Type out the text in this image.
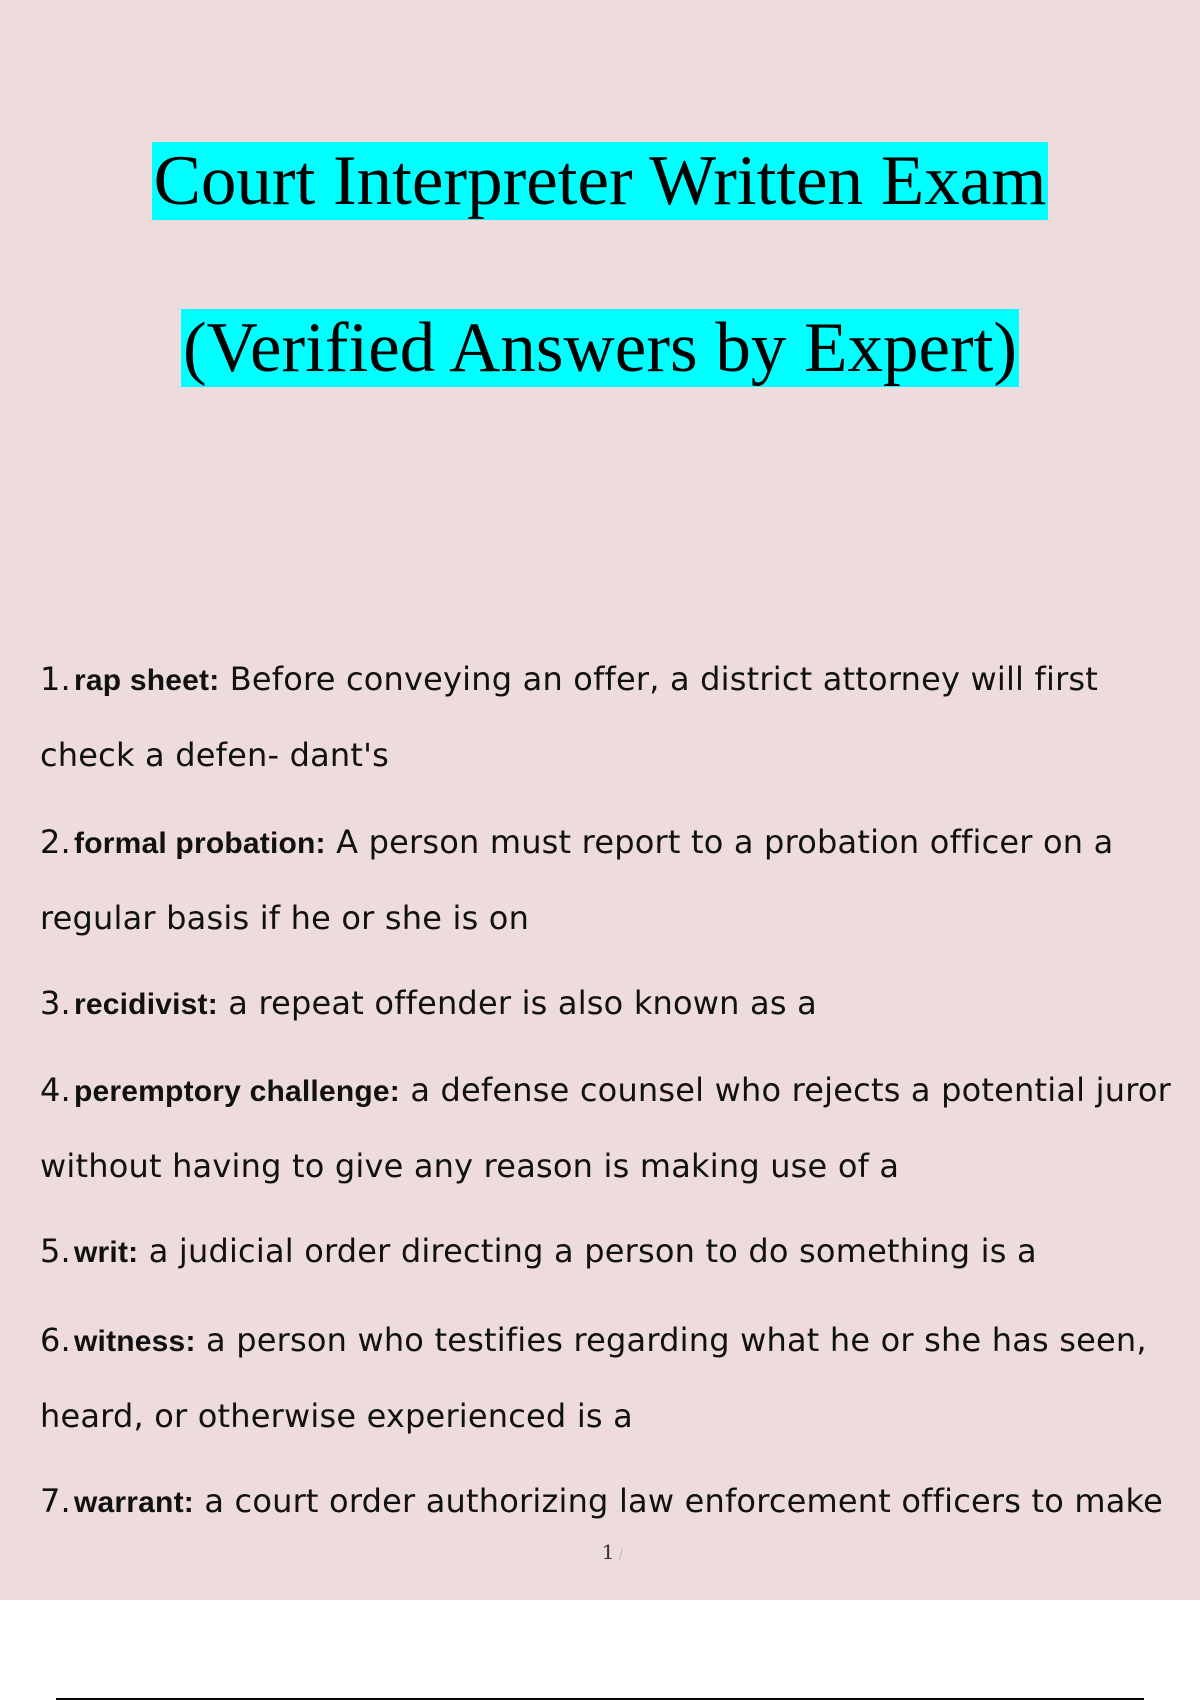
Court Interpreter Written Exam
(Verified Answers by Expert)
1. rap sheet: Before conveying an offer, a district attorney will first
check a defen- dant's
2. formal probation: A person must report to a probation officer on a
regular basis if he or she is on
3. recidivist: a repeat offender is also known as a
4. peremptory challenge: a defense counsel who rejects a potential juror
without having to give any reason is making use of a
5. writ: a judicial order directing a person to do something is a
6. witness: a person who testifies regarding what he or she has seen,
heard, or otherwise experienced is a
7. warrant: a court order authorizing law enforcement officers to make
1 /
